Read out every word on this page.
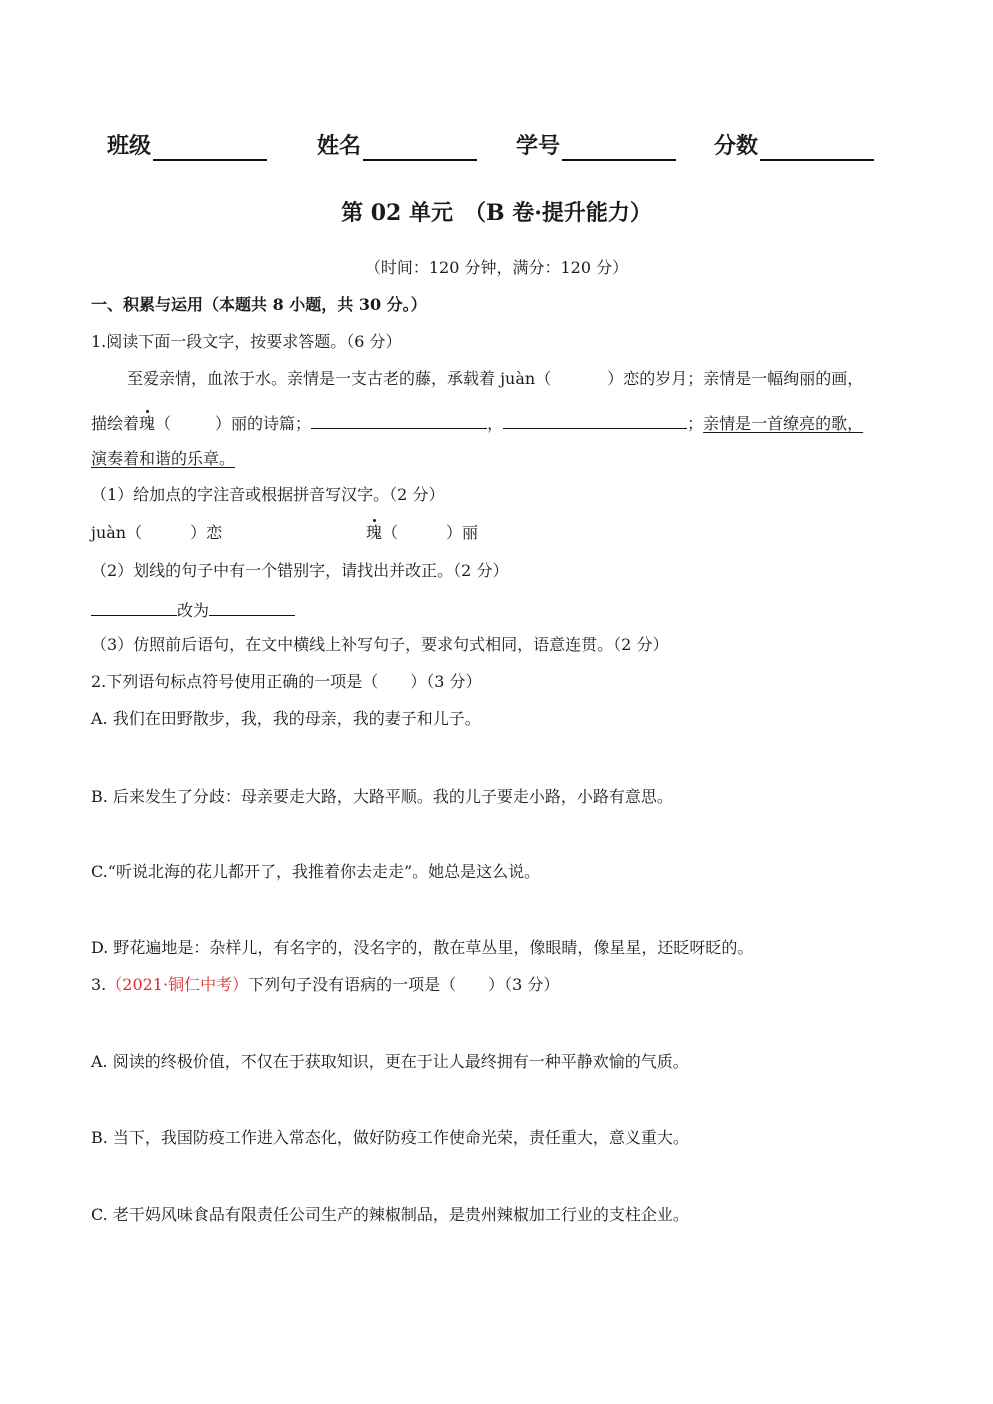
班级	姓名	学号	分数
第 02 单元　（B 卷·提升能力）
（时间：120 分钟，满分：120 分）
一、积累与运用（本题共 8 小题，共 30 分。）
1.阅读下面一段文字，按要求答题。（6 分）
至爱亲情，血浓于水。亲情是一支古老的藤，承载着 juàn（	）恋的岁月；亲情是一幅绚丽的画，
描绘着瑰（	）丽的诗篇；	，	；亲情是一首缭亮的歌，
演奏着和谐的乐章。
（1）给加点的字注音或根据拼音写汉字。（2 分）
juàn（　　　）恋	瑰（　　　）丽
（2）划线的句子中有一个错别字，请找出并改正。（2 分）
改为
（3）仿照前后语句，在文中横线上补写句子，要求句式相同，语意连贯。（2 分）
2.下列语句标点符号使用正确的一项是（　　）（3 分）
A. 我们在田野散步，我，我的母亲，我的妻子和儿子。
B. 后来发生了分歧：母亲要走大路，大路平顺。我的儿子要走小路，小路有意思。
C.“听说北海的花儿都开了，我推着你去走走”。她总是这么说。
D. 野花遍地是：杂样儿，有名字的，没名字的，散在草丛里，像眼睛，像星星，还眨呀眨的。
3.（2021·铜仁中考）下列句子没有语病的一项是（　　）（3 分）
A. 阅读的终极价值，不仅在于获取知识，更在于让人最终拥有一种平静欢愉的气质。
B. 当下，我国防疫工作进入常态化，做好防疫工作使命光荣，责任重大，意义重大。
C. 老干妈风味食品有限责任公司生产的辣椒制品，是贵州辣椒加工行业的支柱企业。
